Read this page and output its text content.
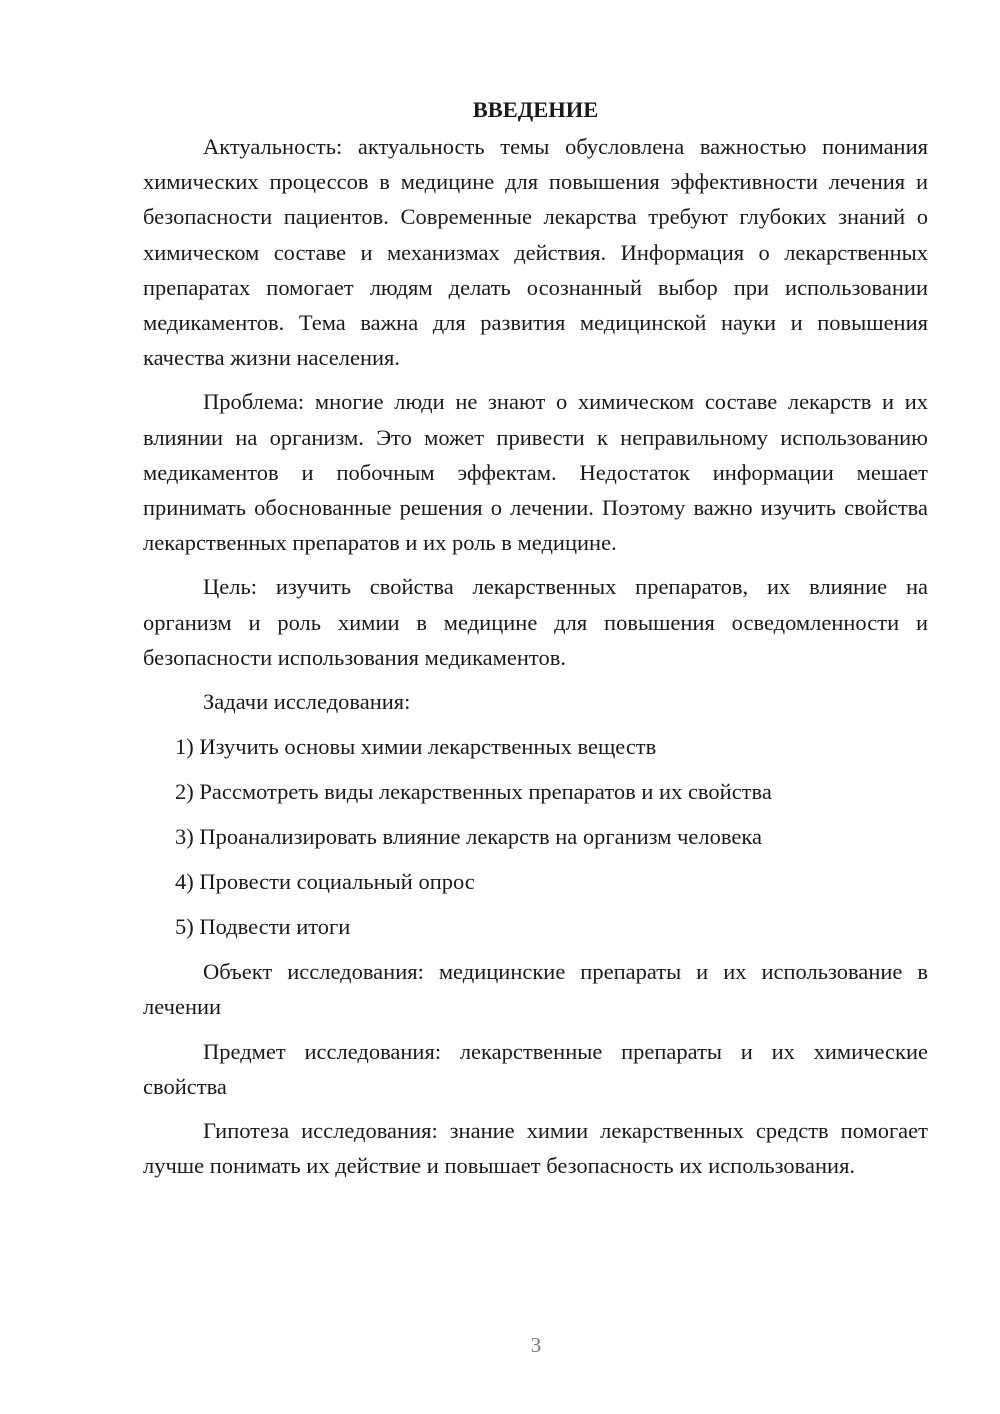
ВВЕДЕНИЕ

Актуальность: актуальность темы обусловлена важностью понимания химических процессов в медицине для повышения эффективности лечения и безопасности пациентов. Современные лекарства требуют глубоких знаний о химическом составе и механизмах действия. Информация о лекарственных препаратах помогает людям делать осознанный выбор при использовании медикаментов. Тема важна для развития медицинской науки и повышения качества жизни населения.

Проблема: многие люди не знают о химическом составе лекарств и их влиянии на организм. Это может привести к неправильному использованию медикаментов и побочным эффектам. Недостаток информации мешает принимать обоснованные решения о лечении. Поэтому важно изучить свойства лекарственных препаратов и их роль в медицине.

Цель: изучить свойства лекарственных препаратов, их влияние на организм и роль химии в медицине для повышения осведомленности и безопасности использования медикаментов.

Задачи исследования:

1) Изучить основы химии лекарственных веществ
2) Рассмотреть виды лекарственных препаратов и их свойства
3) Проанализировать влияние лекарств на организм человека
4) Провести социальный опрос
5) Подвести итоги

Объект исследования: медицинские препараты и их использование в лечении

Предмет исследования: лекарственные препараты и их химические свойства

Гипотеза исследования: знание химии лекарственных средств помогает лучше понимать их действие и повышает безопасность их использования.

3
